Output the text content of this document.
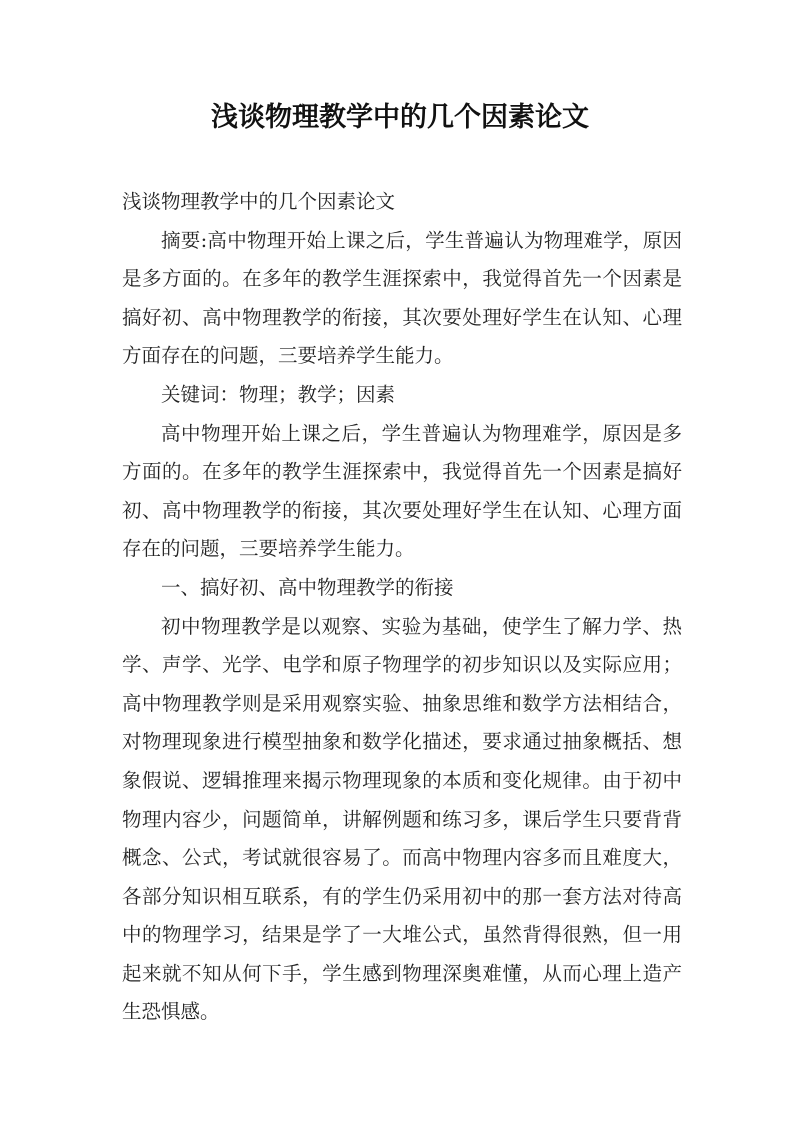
浅谈物理教学中的几个因素论文

浅谈物理教学中的几个因素论文

摘要:高中物理开始上课之后，学生普遍认为物理难学，原因是多方面的。在多年的教学生涯探索中，我觉得首先一个因素是搞好初、高中物理教学的衔接，其次要处理好学生在认知、心理方面存在的问题，三要培养学生能力。

关键词：物理；教学；因素

高中物理开始上课之后，学生普遍认为物理难学，原因是多方面的。在多年的教学生涯探索中，我觉得首先一个因素是搞好初、高中物理教学的衔接，其次要处理好学生在认知、心理方面存在的问题，三要培养学生能力。

一、搞好初、高中物理教学的衔接

初中物理教学是以观察、实验为基础，使学生了解力学、热学、声学、光学、电学和原子物理学的初步知识以及实际应用；高中物理教学则是采用观察实验、抽象思维和数学方法相结合，对物理现象进行模型抽象和数学化描述，要求通过抽象概括、想象假说、逻辑推理来揭示物理现象的本质和变化规律。由于初中物理内容少，问题简单，讲解例题和练习多，课后学生只要背背概念、公式，考试就很容易了。而高中物理内容多而且难度大，各部分知识相互联系，有的学生仍采用初中的那一套方法对待高中的物理学习，结果是学了一大堆公式，虽然背得很熟，但一用起来就不知从何下手，学生感到物理深奥难懂，从而心理上造产生恐惧感。
